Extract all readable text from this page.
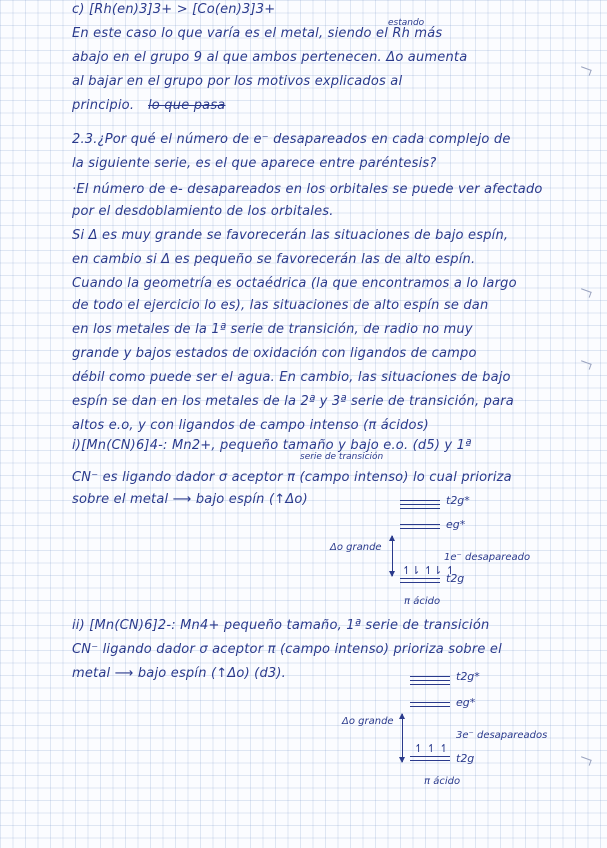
c) [Rh(en)3]3+ > [Co(en)3]3+
estando
En este caso lo que varía es el metal, siendo el Rh más
abajo en el grupo 9 al que ambos pertenecen. Δo aumenta
al bajar en el grupo por los motivos explicados al
principio. lo que pasa
2.3.¿Por qué el número de e⁻ desapareados en cada complejo de
la siguiente serie, es el que aparece entre paréntesis?
·El número de e- desapareados en los orbitales se puede ver afectado
por el desdoblamiento de los orbitales.
Si Δ es muy grande se favorecerán las situaciones de bajo espín,
en cambio si Δ es pequeño se favorecerán las de alto espín.
Cuando la geometría es octaédrica (la que encontramos a lo largo
de todo el ejercicio lo es), las situaciones de alto espín se dan
en los metales de la 1ª serie de transición, de radio no muy
grande y bajos estados de oxidación con ligandos de campo
débil como puede ser el agua. En cambio, las situaciones de bajo
espín se dan en los metales de la 2ª y 3ª serie de transición, para
altos e.o, y con ligandos de campo intenso (π ácidos)
i)[Mn(CN)6]4-: Mn2+, pequeño tamaño y bajo e.o. (d5) y 1ª
serie de transición
CN⁻ es ligando dador σ aceptor π (campo intenso) lo cual prioriza
sobre el metal ⟶ bajo espín (↑Δo)	t2g*
eg*
Δo grande
1e⁻ desapareado
↿⇂ ↿⇂ ↿
t2g
π ácido
ii) [Mn(CN)6]2-: Mn4+ pequeño tamaño, 1ª serie de transición
CN⁻ ligando dador σ aceptor π (campo intenso) prioriza sobre el
metal ⟶ bajo espín (↑Δo) (d3).	t2g*
eg*
Δo grande
3e⁻ desapareados
↿ ↿ ↿
t2g
π ácido
